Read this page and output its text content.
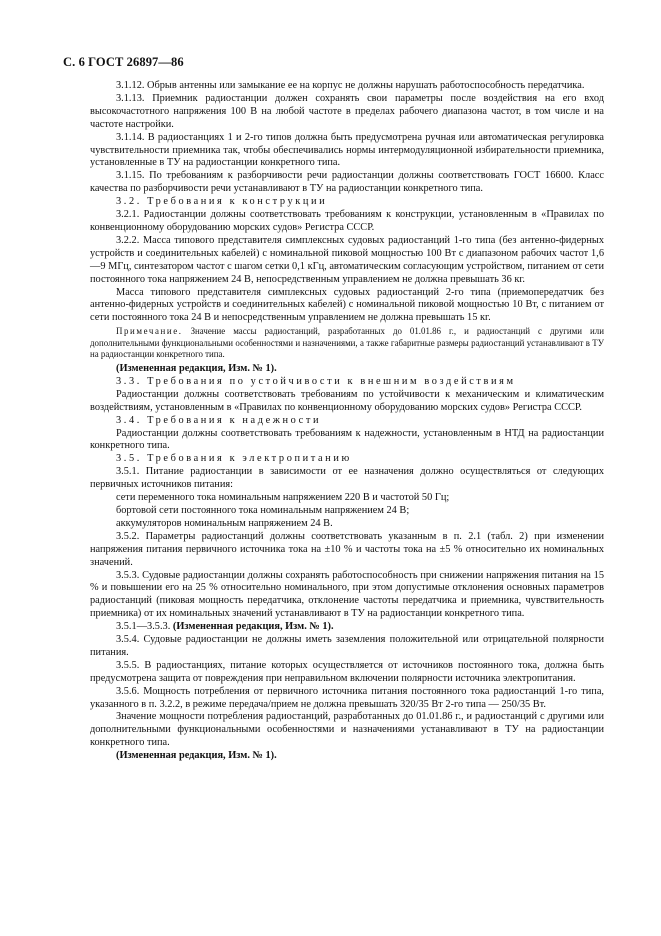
С. 6 ГОСТ 26897—86

3.1.12. Обрыв антенны или замыкание ее на корпус не должны нарушать работоспособность передатчика.

3.1.13. Приемник радиостанции должен сохранять свои параметры после воздействия на его вход высокочастотного напряжения 100 В на любой частоте в пределах рабочего диапазона частот, в том числе и на частоте настройки.

3.1.14. В радиостанциях 1 и 2-го типов должна быть предусмотрена ручная или автоматическая регулировка чувствительности приемника так, чтобы обеспечивались нормы интермодуляционной избирательности приемника, установленные в ТУ на радиостанции конкретного типа.

3.1.15. По требованиям к разборчивости речи радиостанции должны соответствовать ГОСТ 16600. Класс качества по разборчивости речи устанавливают в ТУ на радиостанции конкретного типа.

3.2. Требования к конструкции

3.2.1. Радиостанции должны соответствовать требованиям к конструкции, установленным в «Правилах по конвенционному оборудованию морских судов» Регистра СССР.

3.2.2. Масса типового представителя симплексных судовых радиостанций 1-го типа (без антенно-фидерных устройств и соединительных кабелей) с номинальной пиковой мощностью 100 Вт с диапазоном рабочих частот 1,6—9 МГц, синтезатором частот с шагом сетки 0,1 кГц, автоматическим согласующим устройством, питанием от сети постоянного тока напряжением 24 В, непосредственным управлением не должна превышать 36 кг.

Масса типового представителя симплексных судовых радиостанций 2-го типа (приемопередатчик без антенно-фидерных устройств и соединительных кабелей) с номинальной пиковой мощностью 10 Вт, с питанием от сети постоянного тока 24 В и непосредственным управлением не должна превышать 15 кг.

Примечание. Значение массы радиостанций, разработанных до 01.01.86 г., и радиостанций с другими или дополнительными функциональными особенностями и назначениями, а также габаритные размеры радиостанций устанавливают в ТУ на радиостанции конкретного типа.

(Измененная редакция, Изм. № 1).

3.3. Требования по устойчивости к внешним воздействиям

Радиостанции должны соответствовать требованиям по устойчивости к механическим и климатическим воздействиям, установленным в «Правилах по конвенционному оборудованию морских судов» Регистра СССР.

3.4. Требования к надежности

Радиостанции должны соответствовать требованиям к надежности, установленным в НТД на радиостанции конкретного типа.

3.5. Требования к электропитанию

3.5.1. Питание радиостанции в зависимости от ее назначения должно осуществляться от следующих первичных источников питания:

сети переменного тока номинальным напряжением 220 В и частотой 50 Гц;
бортовой сети постоянного тока номинальным напряжением 24 В;
аккумуляторов номинальным напряжением 24 В.

3.5.2. Параметры радиостанций должны соответствовать указанным в п. 2.1 (табл. 2) при изменении напряжения питания первичного источника тока на ±10 % и частоты тока на ±5 % относительно их номинальных значений.

3.5.3. Судовые радиостанции должны сохранять работоспособность при снижении напряжения питания на 15 % и повышении его на 25 % относительно номинального, при этом допустимые отклонения основных параметров радиостанций (пиковая мощность передатчика, отклонение частоты передатчика и приемника, чувствительность приемника) от их номинальных значений устанавливают в ТУ на радиостанции конкретного типа.

3.5.1—3.5.3. (Измененная редакция, Изм. № 1).

3.5.4. Судовые радиостанции не должны иметь заземления положительной или отрицательной полярности питания.

3.5.5. В радиостанциях, питание которых осуществляется от источников постоянного тока, должна быть предусмотрена защита от повреждения при неправильном включении полярности источника электропитания.

3.5.6. Мощность потребления от первичного источника питания постоянного тока радиостанций 1-го типа, указанного в п. 3.2.2, в режиме передача/прием не должна превышать 320/35 Вт 2-го типа — 250/35 Вт.

Значение мощности потребления радиостанций, разработанных до 01.01.86 г., и радиостанций с другими или дополнительными функциональными особенностями и назначениями устанавливают в ТУ на радиостанции конкретного типа.

(Измененная редакция, Изм. № 1).
